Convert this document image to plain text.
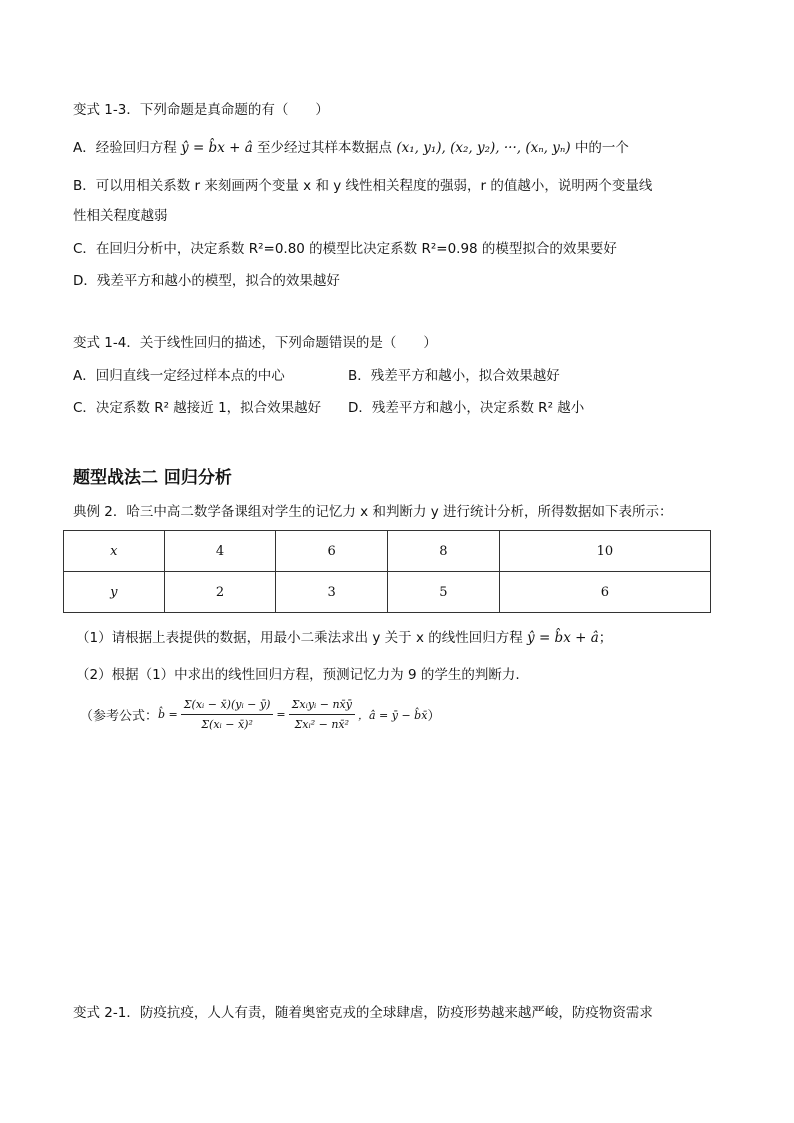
变式 1-3．下列命题是真命题的有（　　）
A．经验回归方程 ŷ = b̂x + â 至少经过其样本数据点 (x₁, y₁), (x₂, y₂), ···, (xₙ, yₙ) 中的一个
B．可以用相关系数 r 来刻画两个变量 x 和 y 线性相关程度的强弱，r 的值越小，说明两个变量线
性相关程度越弱
C．在回归分析中，决定系数 R²=0.80 的模型比决定系数 R²=0.98 的模型拟合的效果要好
D．残差平方和越小的模型，拟合的效果越好
变式 1-4．关于线性回归的描述，下列命题错误的是（　　）
A．回归直线一定经过样本点的中心	B．残差平方和越小，拟合效果越好
C．决定系数 R² 越接近 1，拟合效果越好 D．残差平方和越小，决定系数 R² 越小
题型战法二 回归分析
典例 2．哈三中高二数学备课组对学生的记忆力 x 和判断力 y 进行统计分析，所得数据如下表所示：
x	4	6	8	10
y	2	3	5	6
（1）请根据上表提供的数据，用最小二乘法求出 y 关于 x 的线性回归方程 ŷ = b̂x + â；
（2）根据（1）中求出的线性回归方程，预测记忆力为 9 的学生的判断力.
（参考公式： b̂ = $\frac{\text{Σ(xᵢ − x̄)(yᵢ − ȳ)}}{\text{Σ(xᵢ − x̄)²}} = \frac{\text{Σxᵢyᵢ − nx̄ȳ}}{\text{Σxᵢ² − nx̄²}}$ ，â = ȳ − b̂x̄ ）
变式 2-1．防疫抗疫，人人有责，随着奥密克戎的全球肆虐，防疫形势越来越严峻，防疫物资需求
